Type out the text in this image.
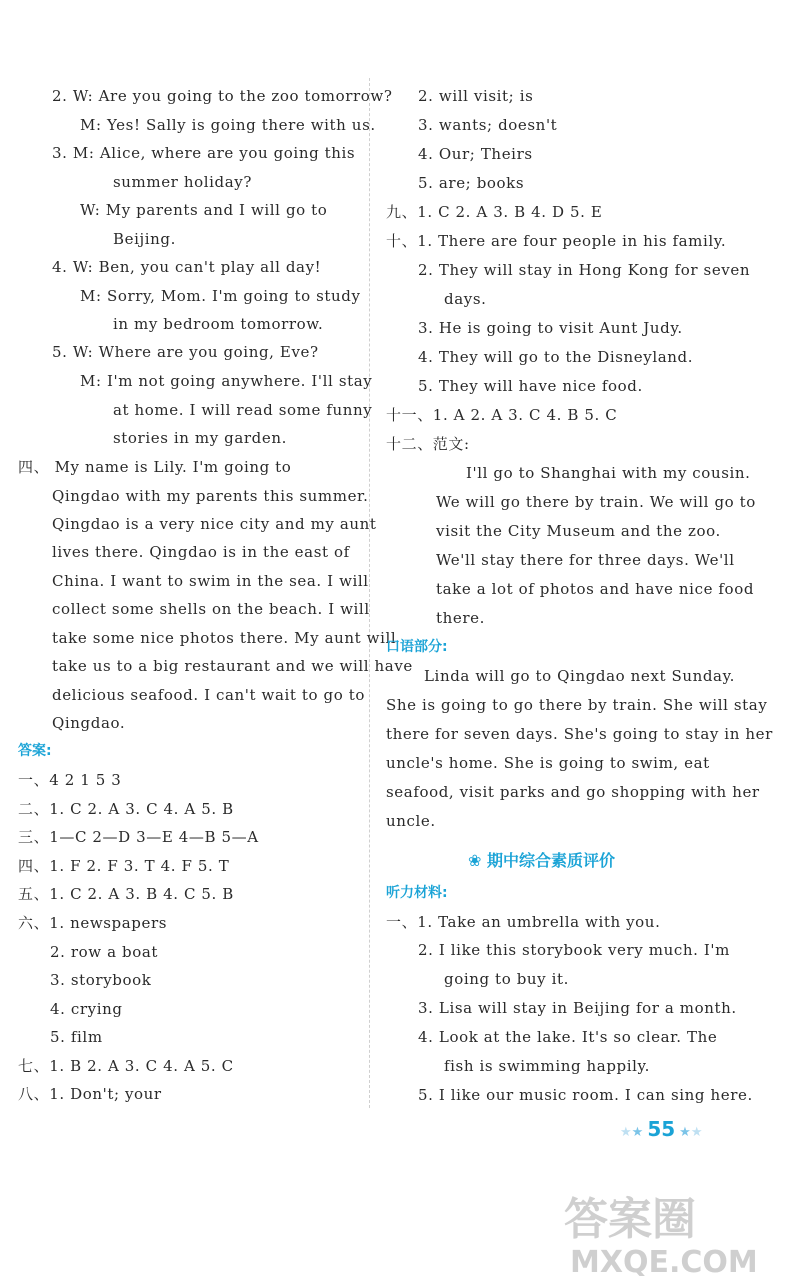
2. W: Are you going to the zoo tomorrow?
M: Yes! Sally is going there with us.
3. M: Alice, where are you going this
summer holiday?
W: My parents and I will go to
Beijing.
4. W: Ben, you can't play all day!
M: Sorry, Mom. I'm going to study
in my bedroom tomorrow.
5. W: Where are you going, Eve?
M: I'm not going anywhere. I'll stay
at home. I will read some funny
stories in my garden.
四、 My name is Lily. I'm going to
Qingdao with my parents this summer.
Qingdao is a very nice city and my aunt
lives there. Qingdao is in the east of
China. I want to swim in the sea. I will
collect some shells on the beach. I will
take some nice photos there. My aunt will
take us to a big restaurant and we will have
delicious seafood. I can't wait to go to
Qingdao.
一、4 2 1 5 3
二、1. C 2. A 3. C 4. A 5. B
三、1—C 2—D 3—E 4—B 5—A
四、1. F 2. F 3. T 4. F 5. T
五、1. C 2. A 3. B 4. C 5. B
六、1. newspapers
2. row a boat
3. storybook
4. crying
5. film
七、1. B 2. A 3. C 4. A 5. C
八、1. Don't; your
答案:
2. will visit; is
3. wants; doesn't
4. Our; Theirs
5. are; books
九、1. C 2. A 3. B 4. D 5. E
十、1. There are four people in his family.
2. They will stay in Hong Kong for seven
days.
3. He is going to visit Aunt Judy.
4. They will go to the Disneyland.
5. They will have nice food.
十一、1. A 2. A 3. C 4. B 5. C
十二、范文:
I'll go to Shanghai with my cousin.
We will go there by train. We will go to
visit the City Museum and the zoo.
We'll stay there for three days. We'll
take a lot of photos and have nice food
there.
Linda will go to Qingdao next Sunday.
She is going to go there by train. She will stay
there for seven days. She's going to stay in her
uncle's home. She is going to swim, eat
seafood, visit parks and go shopping with her
uncle.
一、1. Take an umbrella with you.
2. I like this storybook very much. I'm
going to buy it.
3. Lisa will stay in Beijing for a month.
4. Look at the lake. It's so clear. The
fish is swimming happily.
5. I like our music room. I can sing here.
口语部分:
❀ 期中综合素质评价
听力材料:
★★ 55 ★★
答案圈
MXQE.COM
